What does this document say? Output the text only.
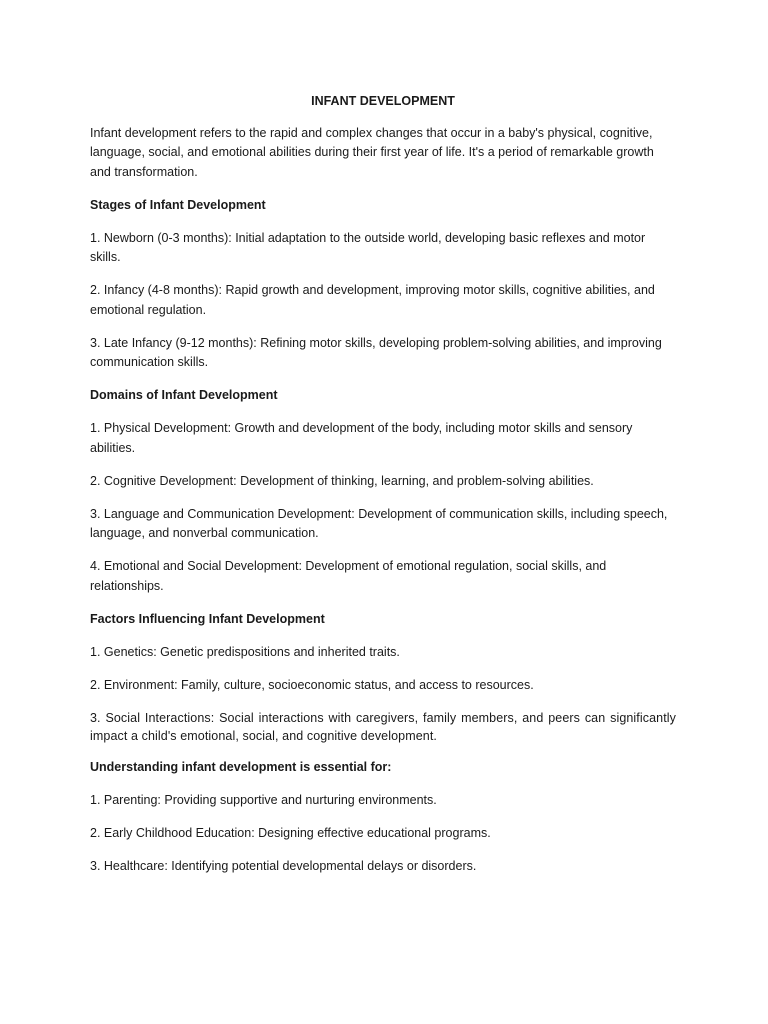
INFANT DEVELOPMENT

Infant development refers to the rapid and complex changes that occur in a baby's physical, cognitive, language, social, and emotional abilities during their first year of life. It's a period of remarkable growth and transformation.

Stages of Infant Development

1. Newborn (0-3 months): Initial adaptation to the outside world, developing basic reflexes and motor skills.

2. Infancy (4-8 months): Rapid growth and development, improving motor skills, cognitive abilities, and emotional regulation.

3. Late Infancy (9-12 months): Refining motor skills, developing problem-solving abilities, and improving communication skills.

Domains of Infant Development

1. Physical Development: Growth and development of the body, including motor skills and sensory abilities.

2. Cognitive Development: Development of thinking, learning, and problem-solving abilities.

3. Language and Communication Development: Development of communication skills, including speech, language, and nonverbal communication.

4. Emotional and Social Development: Development of emotional regulation, social skills, and relationships.

Factors Influencing Infant Development

1. Genetics: Genetic predispositions and inherited traits.

2. Environment: Family, culture, socioeconomic status, and access to resources.

3. Social Interactions: Social interactions with caregivers, family members, and peers can significantly impact a child's emotional, social, and cognitive development.

Understanding infant development is essential for:

1. Parenting: Providing supportive and nurturing environments.

2. Early Childhood Education: Designing effective educational programs.

3. Healthcare: Identifying potential developmental delays or disorders.
